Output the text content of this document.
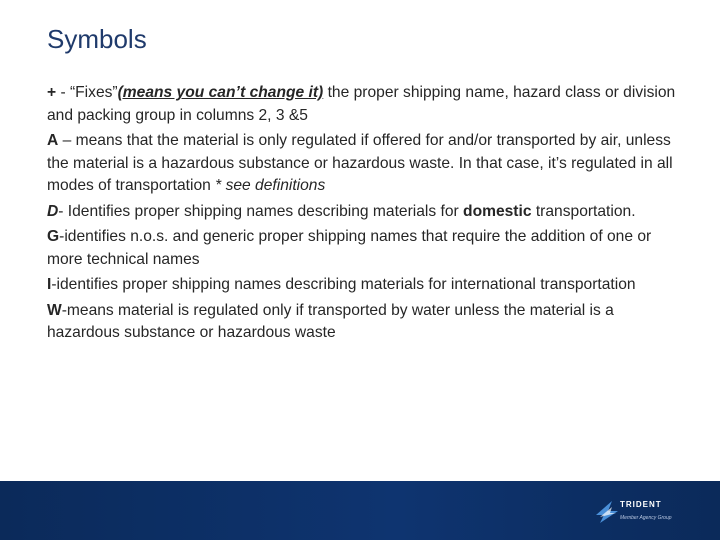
Symbols

+ - “Fixes”(means you can’t change it) the proper shipping name, hazard class or division and packing group in columns 2, 3 &5

A – means that the material is only regulated if offered for and/or transported by air, unless the material is a hazardous substance or hazardous waste. In that case, it’s regulated in all modes of transportation * see definitions

D- Identifies proper shipping names describing materials for domestic transportation.

G-identifies n.o.s. and generic proper shipping names that require the addition of one or more technical names

I-identifies proper shipping names describing materials for international transportation

W-means material is regulated only if transported by water unless the material is a hazardous substance or hazardous waste

TRIDENT
Member Agency Group
